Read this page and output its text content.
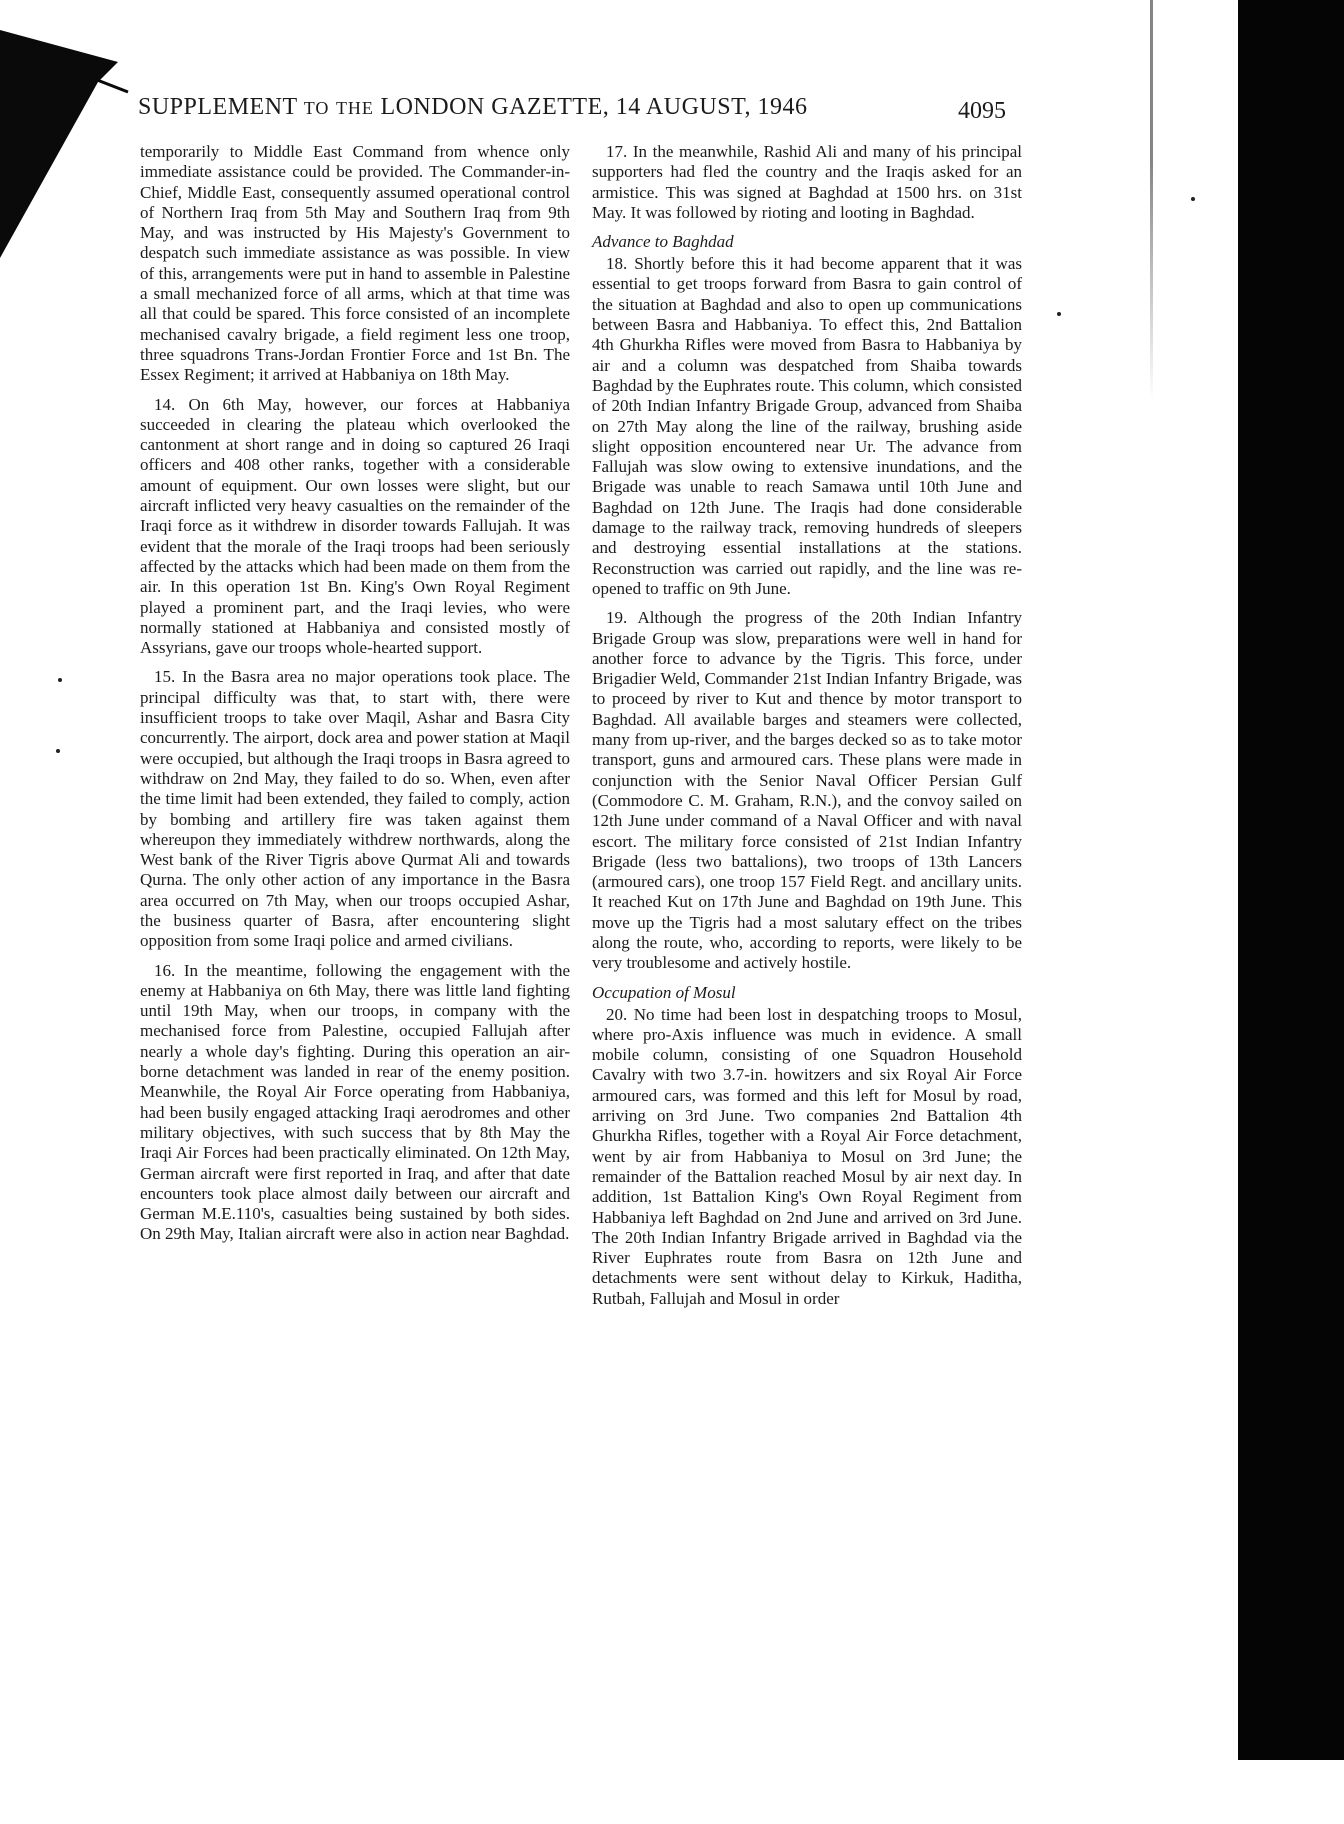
SUPPLEMENT TO THE LONDON GAZETTE, 14 AUGUST, 1946	4095

temporarily to Middle East Command from whence only immediate assistance could be provided. The Commander-in-Chief, Middle East, consequently assumed operational control of Northern Iraq from 5th May and Southern Iraq from 9th May, and was instructed by His Majesty's Government to despatch such immediate assistance as was possible. In view of this, arrangements were put in hand to assemble in Palestine a small mechanized force of all arms, which at that time was all that could be spared. This force consisted of an incomplete mechanised cavalry brigade, a field regiment less one troop, three squadrons Trans-Jordan Frontier Force and 1st Bn. The Essex Regiment; it arrived at Habbaniya on 18th May.

14. On 6th May, however, our forces at Habbaniya succeeded in clearing the plateau which overlooked the cantonment at short range and in doing so captured 26 Iraqi officers and 408 other ranks, together with a considerable amount of equipment. Our own losses were slight, but our aircraft inflicted very heavy casualties on the remainder of the Iraqi force as it withdrew in disorder towards Fallujah. It was evident that the morale of the Iraqi troops had been seriously affected by the attacks which had been made on them from the air. In this operation 1st Bn. King's Own Royal Regiment played a prominent part, and the Iraqi levies, who were normally stationed at Habbaniya and consisted mostly of Assyrians, gave our troops whole-hearted support.

15. In the Basra area no major operations took place. The principal difficulty was that, to start with, there were insufficient troops to take over Maqil, Ashar and Basra City concurrently. The airport, dock area and power station at Maqil were occupied, but although the Iraqi troops in Basra agreed to withdraw on 2nd May, they failed to do so. When, even after the time limit had been extended, they failed to comply, action by bombing and artillery fire was taken against them whereupon they immediately withdrew northwards, along the West bank of the River Tigris above Qurmat Ali and towards Qurna. The only other action of any importance in the Basra area occurred on 7th May, when our troops occupied Ashar, the business quarter of Basra, after encountering slight opposition from some Iraqi police and armed civilians.

16. In the meantime, following the engagement with the enemy at Habbaniya on 6th May, there was little land fighting until 19th May, when our troops, in company with the mechanised force from Palestine, occupied Fallujah after nearly a whole day's fighting. During this operation an air-borne detachment was landed in rear of the enemy position. Meanwhile, the Royal Air Force operating from Habbaniya, had been busily engaged attacking Iraqi aerodromes and other military objectives, with such success that by 8th May the Iraqi Air Forces had been practically eliminated. On 12th May, German aircraft were first reported in Iraq, and after that date encounters took place almost daily between our aircraft and German M.E.110's, casualties being sustained by both sides. On 29th May, Italian aircraft were also in action near Baghdad.

17. In the meanwhile, Rashid Ali and many of his principal supporters had fled the country and the Iraqis asked for an armistice. This was signed at Baghdad at 1500 hrs. on 31st May. It was followed by rioting and looting in Baghdad.

Advance to Baghdad

18. Shortly before this it had become apparent that it was essential to get troops forward from Basra to gain control of the situation at Baghdad and also to open up communications between Basra and Habbaniya. To effect this, 2nd Battalion 4th Ghurkha Rifles were moved from Basra to Habbaniya by air and a column was despatched from Shaiba towards Baghdad by the Euphrates route. This column, which consisted of 20th Indian Infantry Brigade Group, advanced from Shaiba on 27th May along the line of the railway, brushing aside slight opposition encountered near Ur. The advance from Fallujah was slow owing to extensive inundations, and the Brigade was unable to reach Samawa until 10th June and Baghdad on 12th June. The Iraqis had done considerable damage to the railway track, removing hundreds of sleepers and destroying essential installations at the stations. Reconstruction was carried out rapidly, and the line was re-opened to traffic on 9th June.

19. Although the progress of the 20th Indian Infantry Brigade Group was slow, preparations were well in hand for another force to advance by the Tigris. This force, under Brigadier Weld, Commander 21st Indian Infantry Brigade, was to proceed by river to Kut and thence by motor transport to Baghdad. All available barges and steamers were collected, many from up-river, and the barges decked so as to take motor transport, guns and armoured cars. These plans were made in conjunction with the Senior Naval Officer Persian Gulf (Commodore C. M. Graham, R.N.), and the convoy sailed on 12th June under command of a Naval Officer and with naval escort. The military force consisted of 21st Indian Infantry Brigade (less two battalions), two troops of 13th Lancers (armoured cars), one troop 157 Field Regt. and ancillary units. It reached Kut on 17th June and Baghdad on 19th June. This move up the Tigris had a most salutary effect on the tribes along the route, who, according to reports, were likely to be very troublesome and actively hostile.

Occupation of Mosul

20. No time had been lost in despatching troops to Mosul, where pro-Axis influence was much in evidence. A small mobile column, consisting of one Squadron Household Cavalry with two 3.7-in. howitzers and six Royal Air Force armoured cars, was formed and this left for Mosul by road, arriving on 3rd June. Two companies 2nd Battalion 4th Ghurkha Rifles, together with a Royal Air Force detachment, went by air from Habbaniya to Mosul on 3rd June; the remainder of the Battalion reached Mosul by air next day. In addition, 1st Battalion King's Own Royal Regiment from Habbaniya left Baghdad on 2nd June and arrived on 3rd June. The 20th Indian Infantry Brigade arrived in Baghdad via the River Euphrates route from Basra on 12th June and detachments were sent without delay to Kirkuk, Haditha, Rutbah, Fallujah and Mosul in order
